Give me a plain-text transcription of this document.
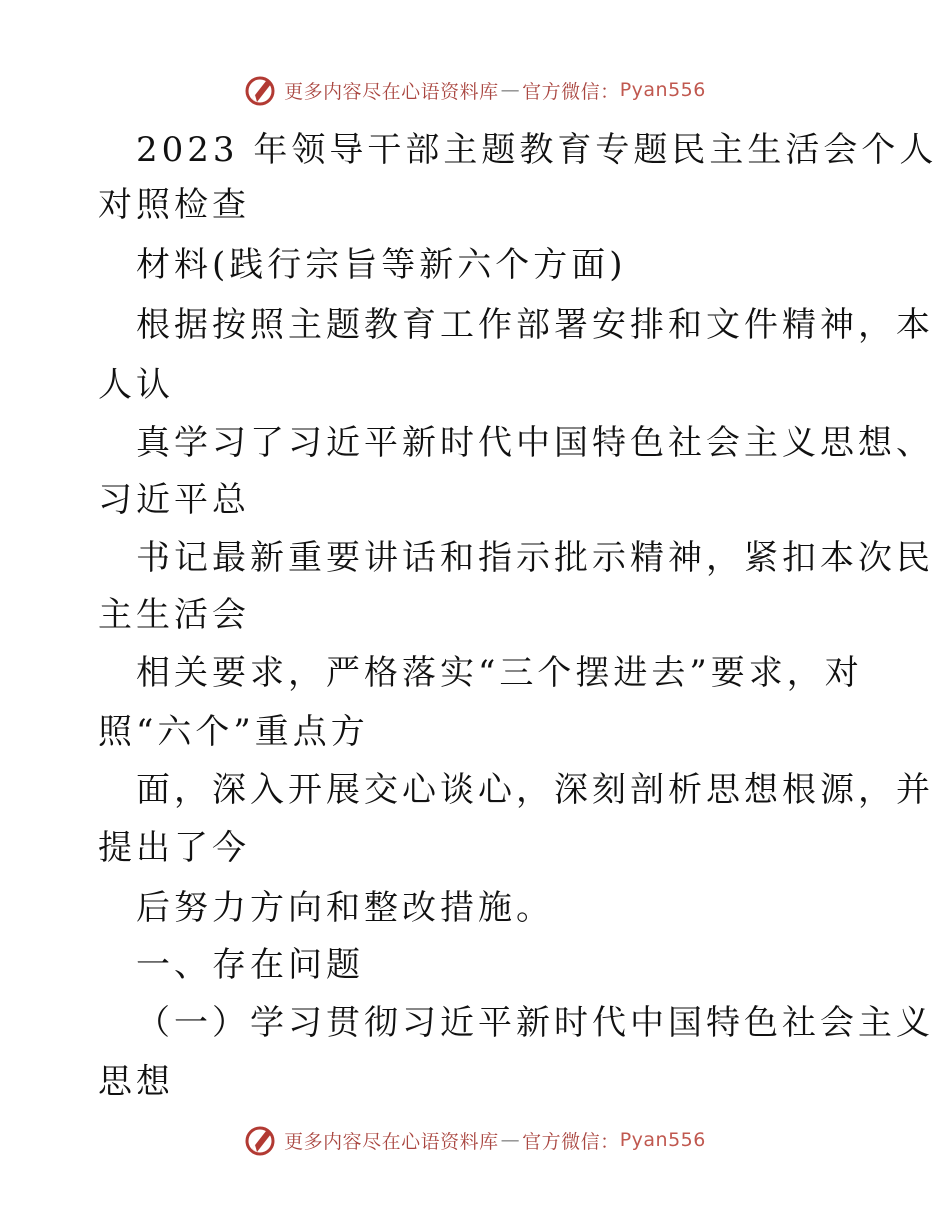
更多内容尽在心语资料库 — 官方微信： Pyan556
2023 年领导干部主题教育专题民主生活会个人
对照检查
材料(践行宗旨等新六个方面)
根据按照主题教育工作部署安排和文件精神，本
人认
真学习了习近平新时代中国特色社会主义思想、
习近平总
书记最新重要讲话和指示批示精神，紧扣本次民
主生活会
相关要求，严格落实“三个摆进去”要求，对
照“六个”重点方
面，深入开展交心谈心，深刻剖析思想根源，并
提出了今
后努力方向和整改措施。
一、存在问题
（一）学习贯彻习近平新时代中国特色社会主义
思想
更多内容尽在心语资料库 — 官方微信： Pyan556
